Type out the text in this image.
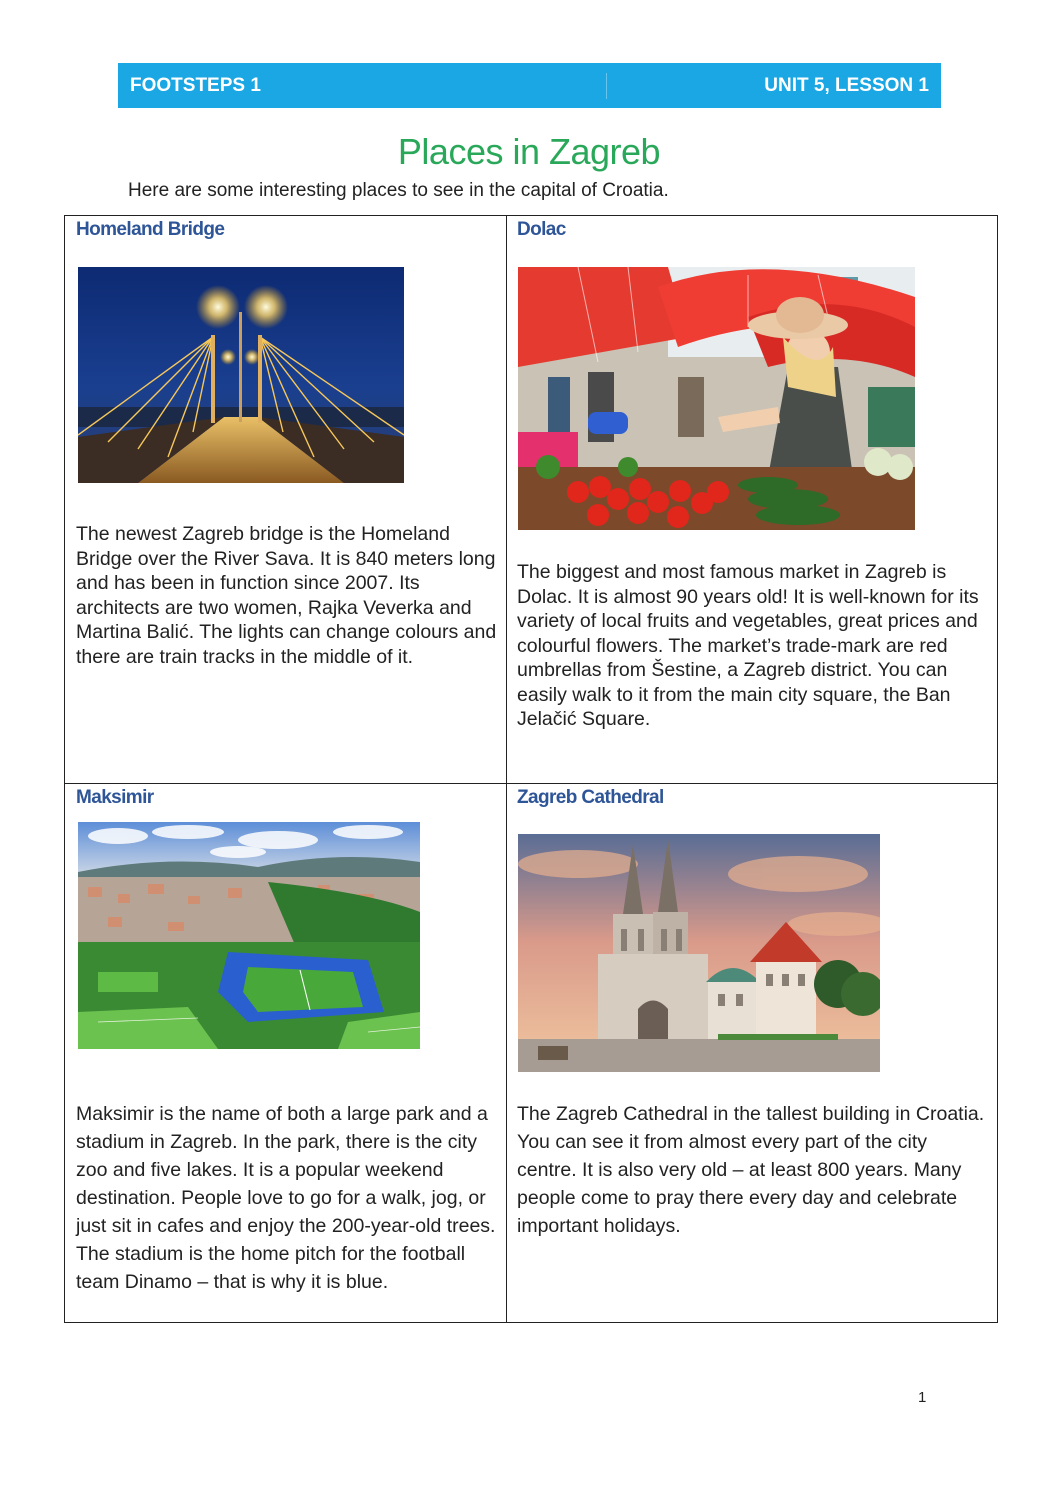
FOOTSTEPS 1	UNIT 5, LESSON 1
Places in Zagreb
Here are some interesting places to see in the capital of Croatia.
Homeland Bridge
The newest Zagreb bridge is the Homeland Bridge over the River Sava. It is 840 meters long and has been in function since 2007. Its architects are two women, Rajka Veverka and Martina Balić. The lights can change colours and there are train tracks in the middle of it.
Dolac
The biggest and most famous market in Zagreb is Dolac. It is almost 90 years old! It is well-known for its variety of local fruits and vegetables, great prices and colourful flowers. The market’s trade-mark are red umbrellas from Šestine, a Zagreb district. You can easily walk to it from the main city square, the Ban Jelačić Square.
Maksimir
Maksimir is the name of both a large park and a stadium in Zagreb. In the park, there is the city zoo and five lakes. It is a popular weekend destination. People love to go for a walk, jog, or just sit in cafes and enjoy the 200-year-old trees. The stadium is the home pitch for the football team Dinamo – that is why it is blue.
Zagreb Cathedral
The Zagreb Cathedral in the tallest building in Croatia. You can see it from almost every part of the city centre. It is also very old – at least 800 years. Many people come to pray there every day and celebrate important holidays.
1
